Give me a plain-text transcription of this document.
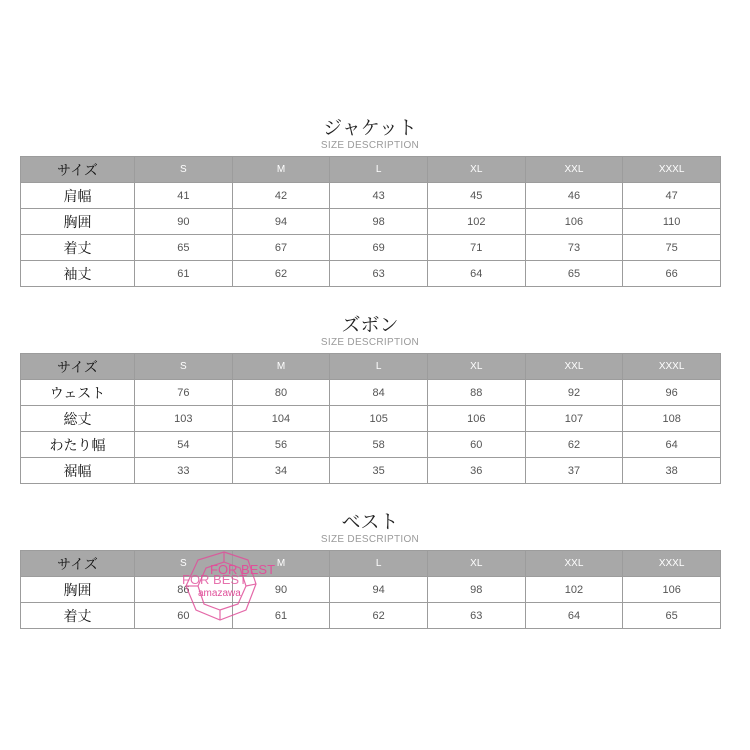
ジャケット
SIZE DESCRIPTION
サイズ	S	M	L	XL	XXL	XXXL
肩幅	41	42	43	45	46	47
胸囲	90	94	98	102	106	110
着丈	65	67	69	71	73	75
袖丈	61	62	63	64	65	66
ズボン
SIZE DESCRIPTION
サイズ	S	M	L	XL	XXL	XXXL
ウェスト	76	80	84	88	92	96
総丈	103	104	105	106	107	108
わたり幅	54	56	58	60	62	64
裾幅	33	34	35	36	37	38
ベスト
SIZE DESCRIPTION
サイズ	S	M	L	XL	XXL	XXXL
胸囲	86	90	94	98	102	106
着丈	60	61	62	63	64	65
FOR BEST
FOR BEST
amazawa
